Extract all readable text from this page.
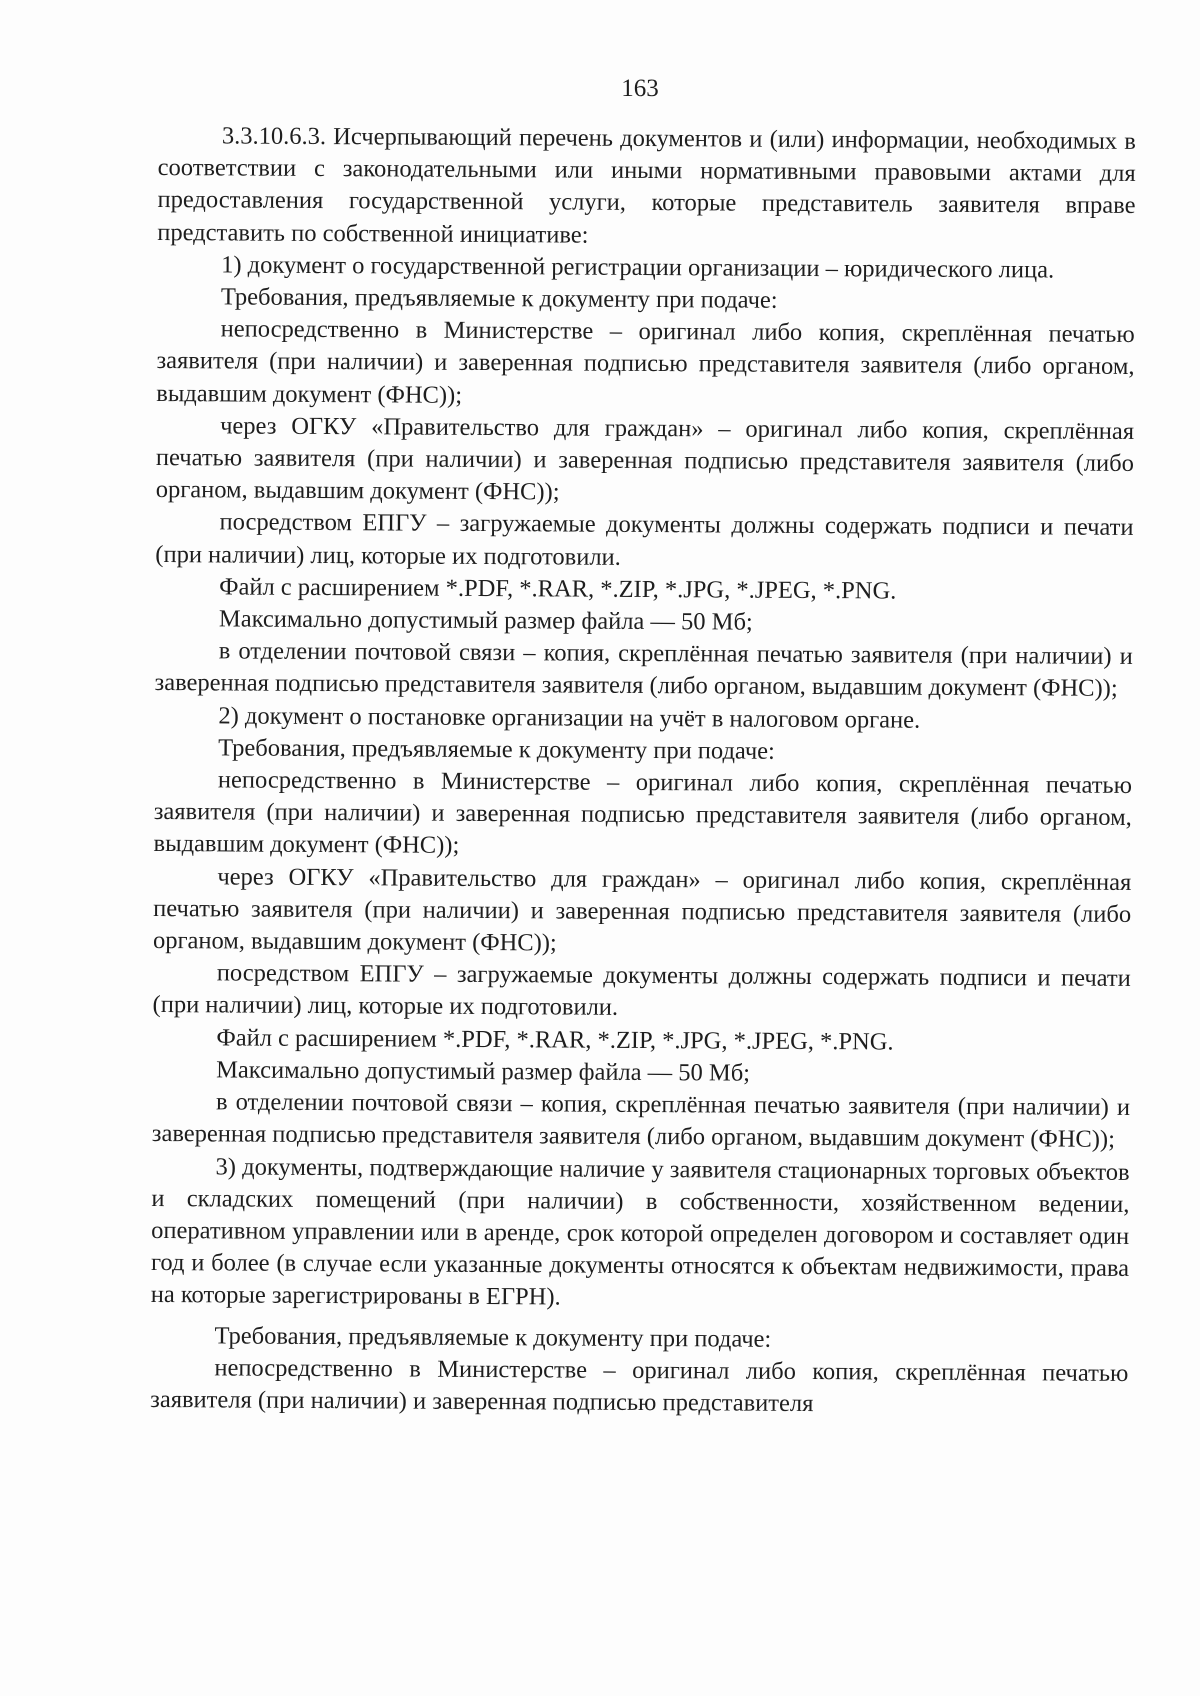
163

3.3.10.6.3. Исчерпывающий перечень документов и (или) информации, необходимых в соответствии с законодательными или иными нормативными правовыми актами для предоставления государственной услуги, которые представитель заявителя вправе представить по собственной инициативе:

1) документ о государственной регистрации организации – юридического лица.

Требования, предъявляемые к документу при подаче:

непосредственно в Министерстве – оригинал либо копия, скреплённая печатью заявителя (при наличии) и заверенная подписью представителя заявителя (либо органом, выдавшим документ (ФНС));

через ОГКУ «Правительство для граждан» – оригинал либо копия, скреплённая печатью заявителя (при наличии) и заверенная подписью представителя заявителя (либо органом, выдавшим документ (ФНС));

посредством ЕПГУ – загружаемые документы должны содержать подписи и печати (при наличии) лиц, которые их подготовили.

Файл с расширением *.PDF, *.RAR, *.ZIP, *.JPG, *.JPEG, *.PNG.

Максимально допустимый размер файла — 50 Мб;

в отделении почтовой связи – копия, скреплённая печатью заявителя (при наличии) и заверенная подписью представителя заявителя (либо органом, выдавшим документ (ФНС));

2) документ о постановке организации на учёт в налоговом органе.

Требования, предъявляемые к документу при подаче:

непосредственно в Министерстве – оригинал либо копия, скреплённая печатью заявителя (при наличии) и заверенная подписью представителя заявителя (либо органом, выдавшим документ (ФНС));

через ОГКУ «Правительство для граждан» – оригинал либо копия, скреплённая печатью заявителя (при наличии) и заверенная подписью представителя заявителя (либо органом, выдавшим документ (ФНС));

посредством ЕПГУ – загружаемые документы должны содержать подписи и печати (при наличии) лиц, которые их подготовили.

Файл с расширением *.PDF, *.RAR, *.ZIP, *.JPG, *.JPEG, *.PNG.

Максимально допустимый размер файла — 50 Мб;

в отделении почтовой связи – копия, скреплённая печатью заявителя (при наличии) и заверенная подписью представителя заявителя (либо органом, выдавшим документ (ФНС));

3) документы, подтверждающие наличие у заявителя стационарных торговых объектов и складских помещений (при наличии) в собственности, хозяйственном ведении, оперативном управлении или в аренде, срок которой определен договором и составляет один год и более (в случае если указанные документы относятся к объектам недвижимости, права на которые зарегистрированы в ЕГРН).

Требования, предъявляемые к документу при подаче:

непосредственно в Министерстве – оригинал либо копия, скреплённая печатью заявителя (при наличии) и заверенная подписью представителя
